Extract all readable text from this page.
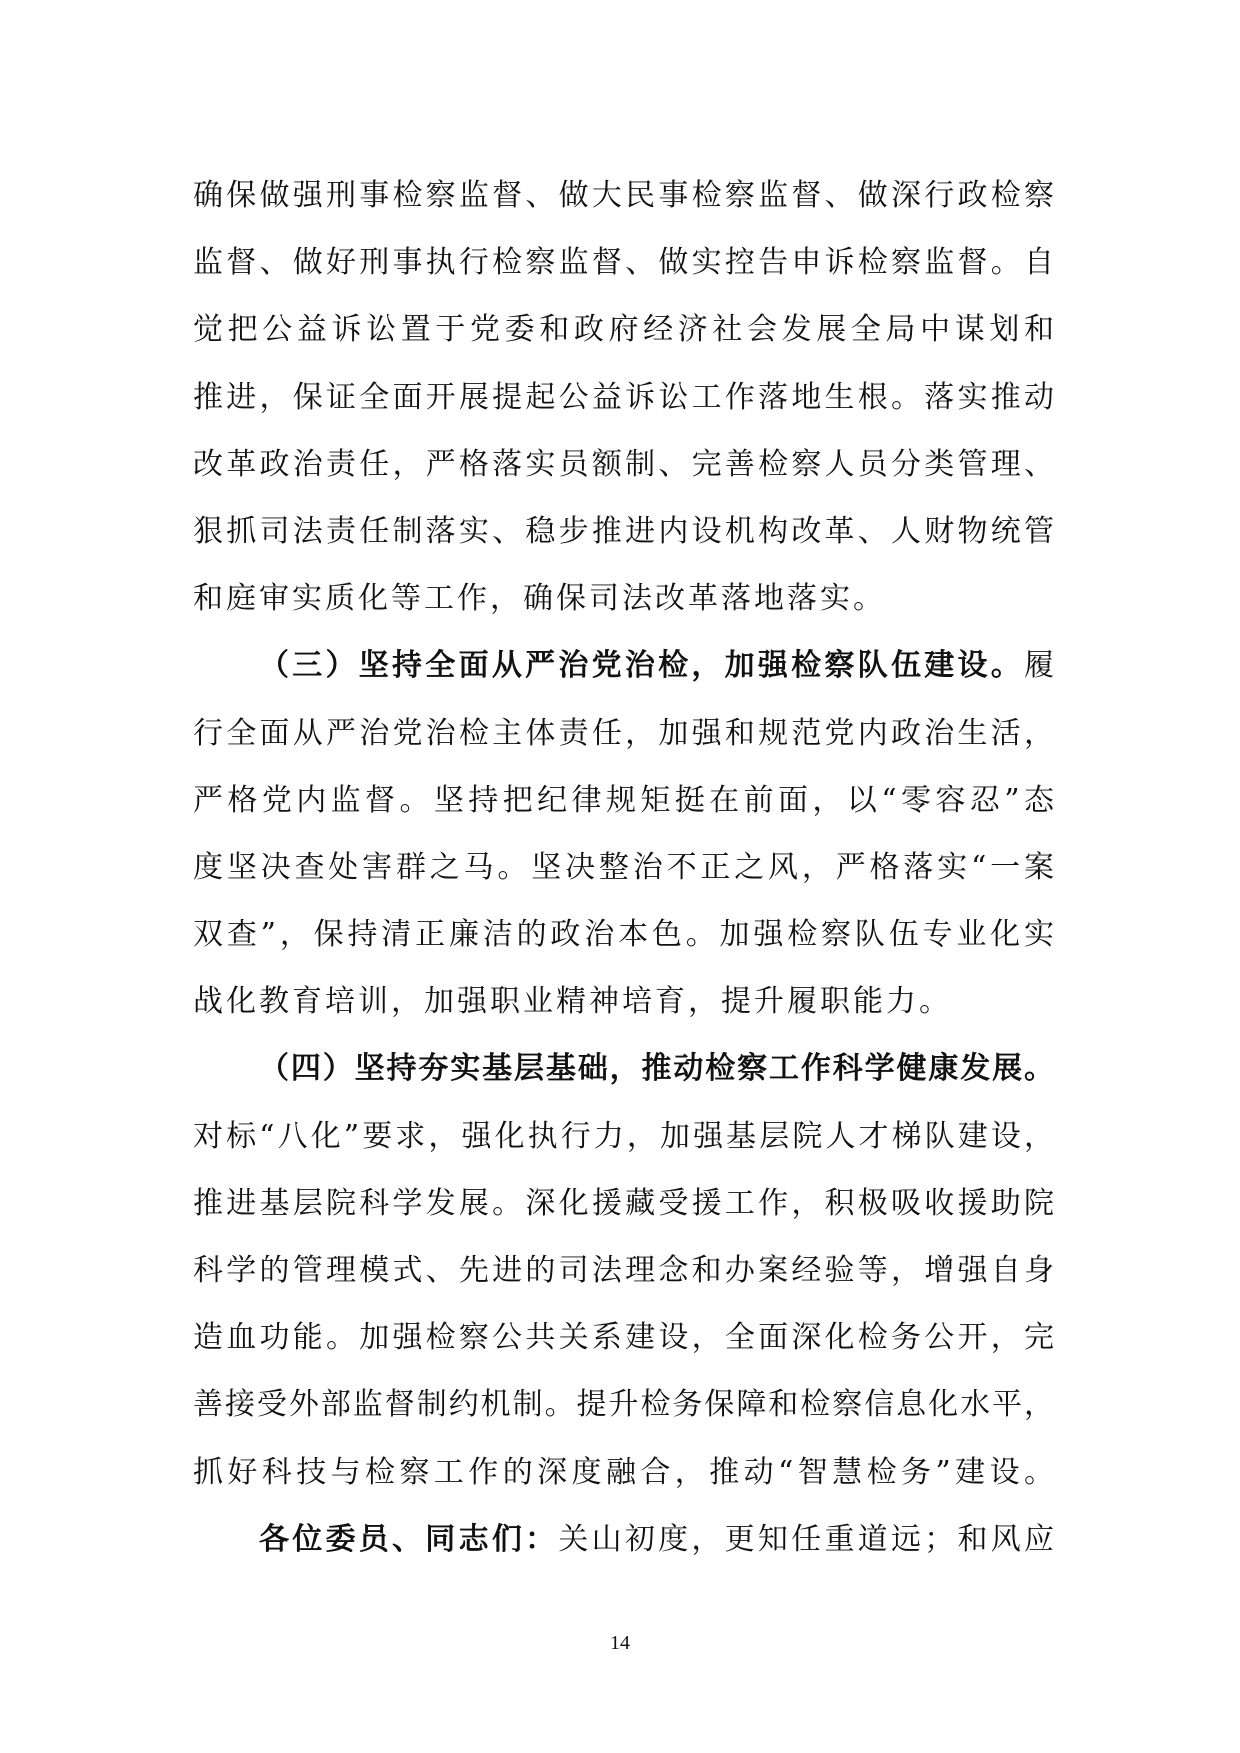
确保做强刑事检察监督、做大民事检察监督、做深行政检察
监督、做好刑事执行检察监督、做实控告申诉检察监督。自
觉把公益诉讼置于党委和政府经济社会发展全局中谋划和
推进，保证全面开展提起公益诉讼工作落地生根。落实推动
改革政治责任，严格落实员额制、完善检察人员分类管理、
狠抓司法责任制落实、稳步推进内设机构改革、人财物统管
和庭审实质化等工作，确保司法改革落地落实。
（三）坚持全面从严治党治检，加强检察队伍建设。履
行全面从严治党治检主体责任，加强和规范党内政治生活，
严格党内监督。坚持把纪律规矩挺在前面，以“零容忍”态
度坚决查处害群之马。坚决整治不正之风，严格落实“一案
双查”，保持清正廉洁的政治本色。加强检察队伍专业化实
战化教育培训，加强职业精神培育，提升履职能力。
（四）坚持夯实基层基础，推动检察工作科学健康发展。
对标“八化”要求，强化执行力，加强基层院人才梯队建设，
推进基层院科学发展。深化援藏受援工作，积极吸收援助院
科学的管理模式、先进的司法理念和办案经验等，增强自身
造血功能。加强检察公共关系建设，全面深化检务公开，完
善接受外部监督制约机制。提升检务保障和检察信息化水平，
抓好科技与检察工作的深度融合，推动“智慧检务”建设。
各位委员、同志们：关山初度，更知任重道远；和风应
14
